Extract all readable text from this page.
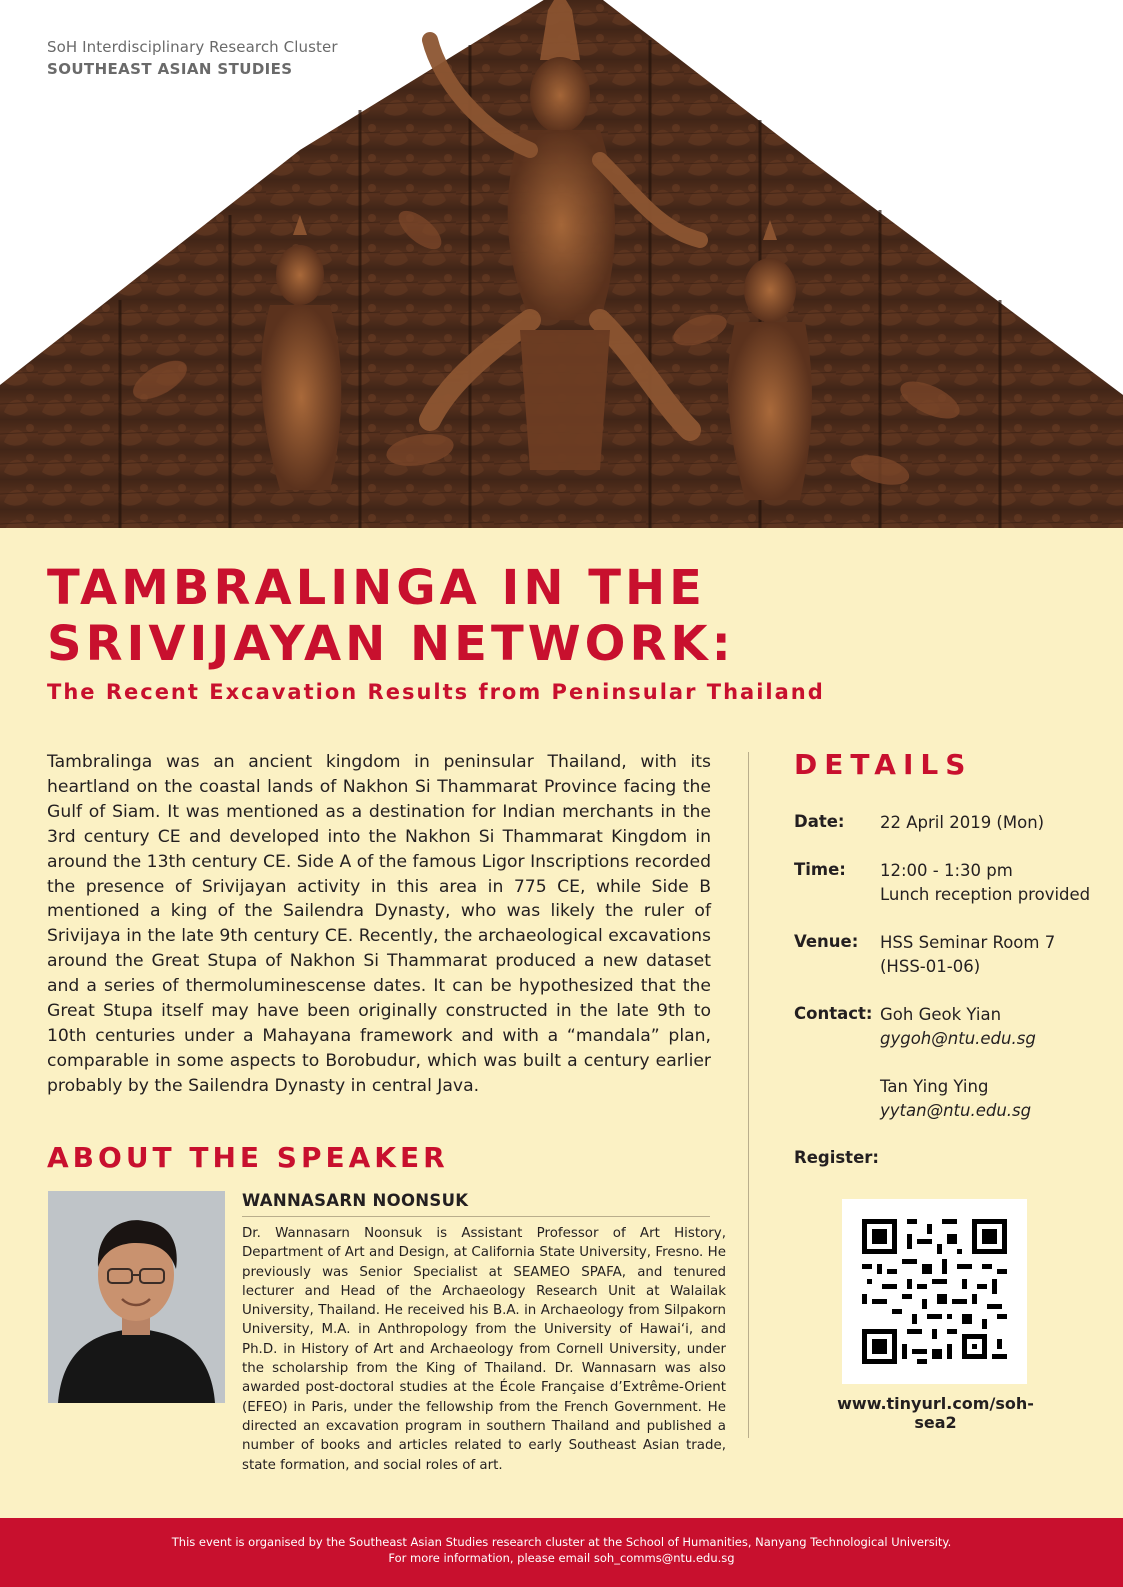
SoH Interdisciplinary Research Cluster
SOUTHEAST ASIAN STUDIES
TAMBRALINGA IN THE
SRIVIJAYAN NETWORK:
The Recent Excavation Results from Peninsular Thailand

Tambralinga was an ancient kingdom in peninsular Thailand, with its heartland on the coastal lands of Nakhon Si Thammarat Province facing the Gulf of Siam. It was mentioned as a destination for Indian merchants in the 3rd century CE and developed into the Nakhon Si Thammarat Kingdom in around the 13th century CE. Side A of the famous Ligor Inscriptions recorded the presence of Srivijayan activity in this area in 775 CE, while Side B mentioned a king of the Sailendra Dynasty, who was likely the ruler of Srivijaya in the late 9th century CE. Recently, the archaeological excavations around the Great Stupa of Nakhon Si Thammarat produced a new dataset and a series of thermoluminescense dates. It can be hypothesized that the Great Stupa itself may have been originally constructed in the late 9th to 10th centuries under a Mahayana framework and with a “mandala” plan, comparable in some aspects to Borobudur, which was built a century earlier probably by the Sailendra Dynasty in central Java.

DETAILS
Date: 22 April 2019 (Mon)
Time: 12:00 - 1:30 pm
Lunch reception provided
Venue: HSS Seminar Room 7
(HSS-01-06)
Contact: Goh Geok Yian
gygoh@ntu.edu.sg
Tan Ying Ying
yytan@ntu.edu.sg
Register:
www.tinyurl.com/soh-sea2
ABOUT THE SPEAKER
WANNASARN NOONSUK

Dr. Wannasarn Noonsuk is Assistant Professor of Art History, Department of Art and Design, at California State University, Fresno. He previously was Senior Specialist at SEAMEO SPAFA, and tenured lecturer and Head of the Archaeology Research Unit at Walailak University, Thailand. He received his B.A. in Archaeology from Silpakorn University, M.A. in Anthropology from the University of Hawai‘i, and Ph.D. in History of Art and Archaeology from Cornell University, under the scholarship from the King of Thailand. Dr. Wannasarn was also awarded post-doctoral studies at the École Française d’Extrême-Orient (EFEO) in Paris, under the fellowship from the French Government. He directed an excavation program in southern Thailand and published a number of books and articles related to early Southeast Asian trade, state formation, and social roles of art.

This event is organised by the Southeast Asian Studies research cluster at the School of Humanities, Nanyang Technological University.
For more information, please email soh_comms@ntu.edu.sg
